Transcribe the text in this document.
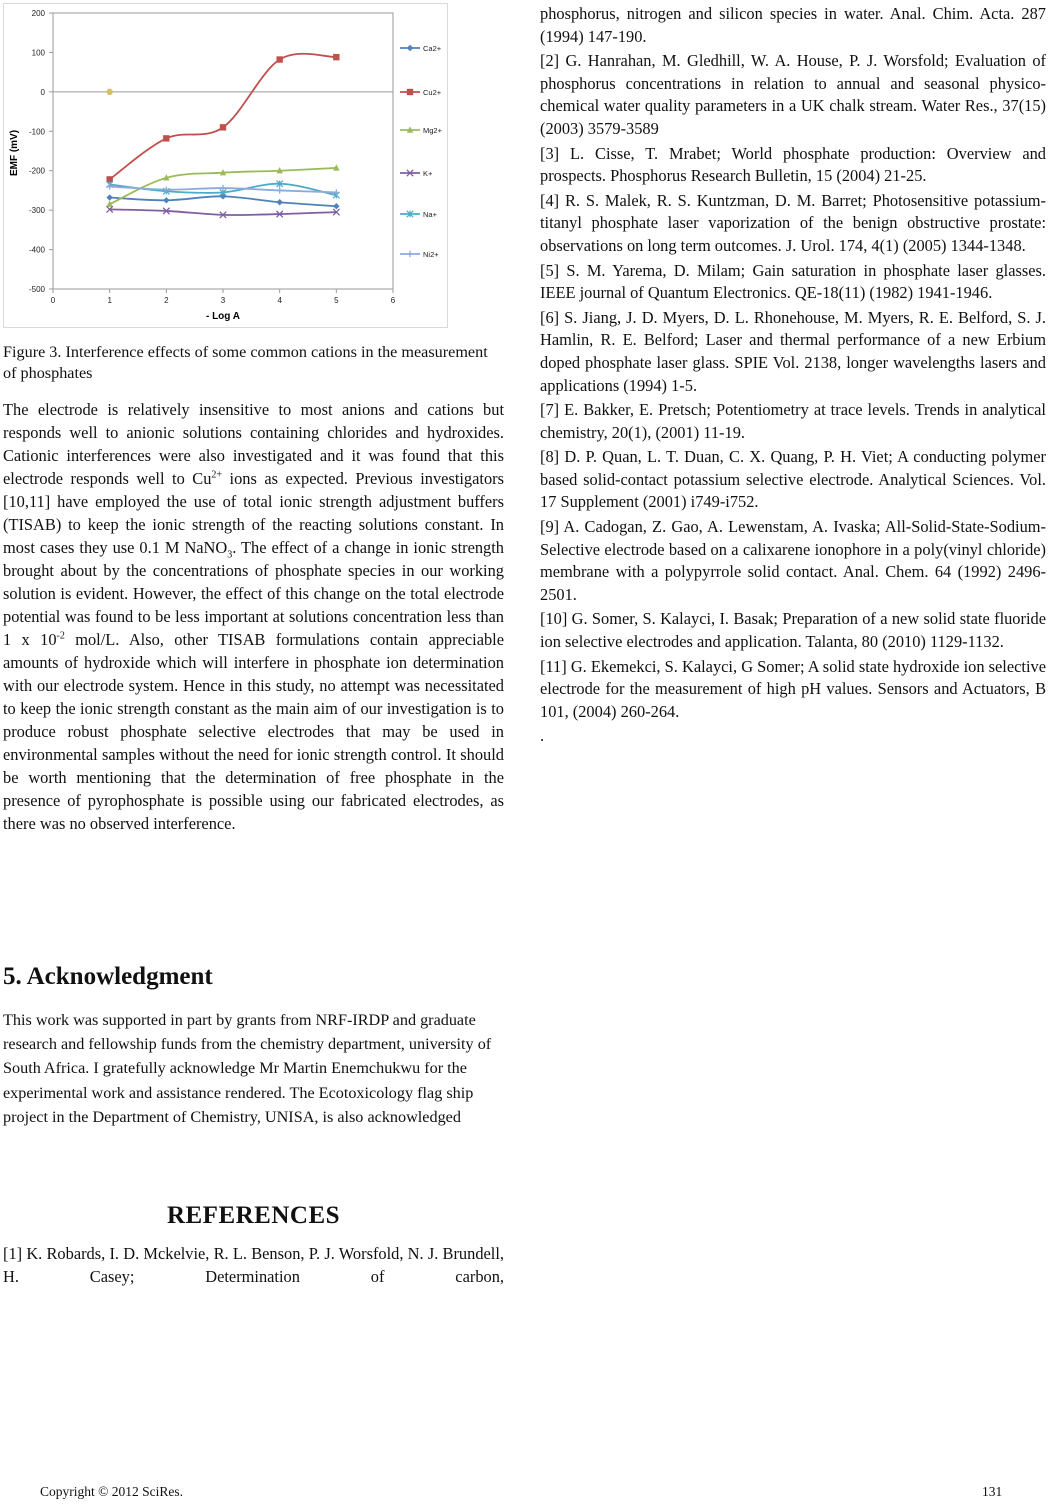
200
100
0
-100
-200
-300
-400
-500
0	1	2	3	4	5	6
Ca2+
Cu2+
Mg2+
K+
Na+
Ni2+
- Log A
EMF (mV)

Figure 3. Interference effects of some common cations in the measurement of phosphates

The electrode is relatively insensitive to most anions and cations but responds well to anionic solutions containing chlorides and hydroxides. Cationic interferences were also investigated and it was found that this electrode responds well to $Cu^{2+}$ ions as expected. Previous investigators [10,11] have employed the use of total ionic strength adjustment buffers (TISAB) to keep the ionic strength of the reacting solutions constant. In most cases they use 0.1 M NaNO$_3$. The effect of a change in ionic strength brought about by the concentrations of phosphate species in our working solution is evident. However, the effect of this change on the total electrode potential was found to be less important at solutions concentration less than 1 x $10^{-2}$ mol/L. Also, other TISAB formulations contain appreciable amounts of hydroxide which will interfere in phosphate ion determination with our electrode system. Hence in this study, no attempt was necessitated to keep the ionic strength constant as the main aim of our investigation is to produce robust phosphate selective electrodes that may be used in environmental samples without the need for ionic strength control. It should be worth mentioning that the determination of free phosphate in the presence of pyrophosphate is possible using our fabricated electrodes, as there was no observed interference.

5. Acknowledgment

This work was supported in part by grants from NRF-IRDP and graduate research and fellowship funds from the chemistry department, university of South Africa. I gratefully acknowledge Mr Martin Enemchukwu for the experimental work and assistance rendered. The Ecotoxicology flag ship project in the Department of Chemistry, UNISA, is also acknowledged

REFERENCES

[1] K. Robards, I. D. Mckelvie, R. L. Benson, P. J. Worsfold, N. J. Brundell, H. Casey; Determination of carbon,

phosphorus, nitrogen and silicon species in water. Anal. Chim. Acta. 287 (1994) 147-190.

[2] G. Hanrahan, M. Gledhill, W. A. House, P. J. Worsfold; Evaluation of phosphorus concentrations in relation to annual and seasonal physico-chemical water quality parameters in a UK chalk stream. Water Res., 37(15) (2003) 3579-3589

[3] L. Cisse, T. Mrabet; World phosphate production: Overview and prospects. Phosphorus Research Bulletin, 15 (2004) 21-25.

[4] R. S. Malek, R. S. Kuntzman, D. M. Barret; Photosensitive potassium-titanyl phosphate laser vaporization of the benign obstructive prostate: observations on long term outcomes. J. Urol. 174, 4(1) (2005) 1344-1348.

[5] S. M. Yarema, D. Milam; Gain saturation in phosphate laser glasses. IEEE journal of Quantum Electronics. QE-18(11) (1982) 1941-1946.

[6] S. Jiang, J. D. Myers, D. L. Rhonehouse, M. Myers, R. E. Belford, S. J. Hamlin, R. E. Belford; Laser and thermal performance of a new Erbium doped phosphate laser glass. SPIE Vol. 2138, longer wavelengths lasers and applications (1994) 1-5.

[7] E. Bakker, E. Pretsch; Potentiometry at trace levels. Trends in analytical chemistry, 20(1), (2001) 11-19.

[8] D. P. Quan, L. T. Duan, C. X. Quang, P. H. Viet; A conducting polymer based solid-contact potassium selective electrode. Analytical Sciences. Vol. 17 Supplement (2001) i749-i752.

[9] A. Cadogan, Z. Gao, A. Lewenstam, A. Ivaska; All-Solid-State-Sodium-Selective electrode based on a calixarene ionophore in a poly(vinyl chloride) membrane with a polypyrrole solid contact. Anal. Chem. 64 (1992) 2496-2501.

[10] G. Somer, S. Kalayci, I. Basak; Preparation of a new solid state fluoride ion selective electrodes and application. Talanta, 80 (2010) 1129-1132.

[11] G. Ekemekci, S. Kalayci, G Somer; A solid state hydroxide ion selective electrode for the measurement of high pH values. Sensors and Actuators, B 101, (2004) 260-264.

.

Copyright © 2012 SciRes.	131
